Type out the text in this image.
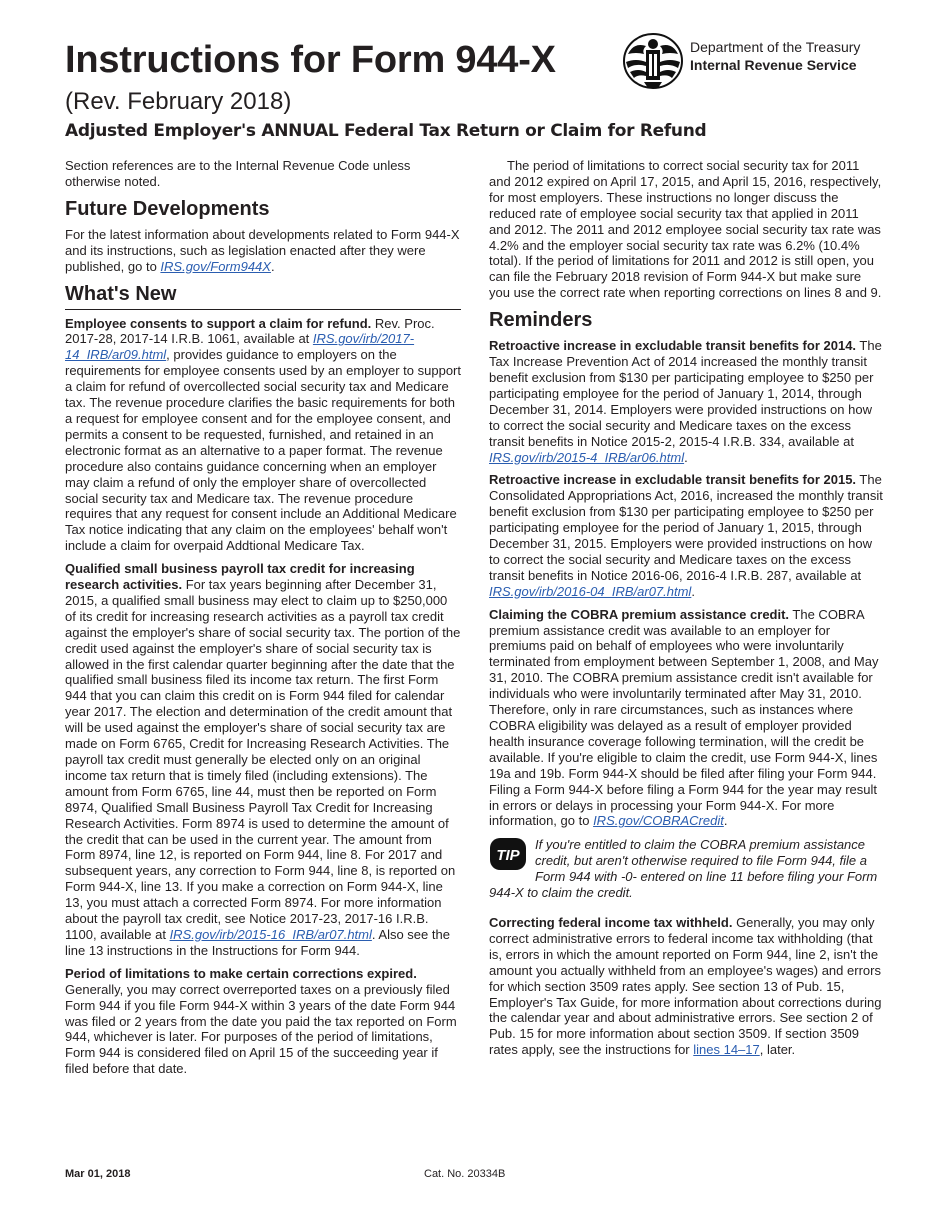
Instructions for Form 944-X
(Rev. February 2018)
Adjusted Employer's ANNUAL Federal Tax Return or Claim for Refund
Department of the Treasury
Internal Revenue Service

Section references are to the Internal Revenue Code unless otherwise noted.

Future Developments

For the latest information about developments related to Form 944-X and its instructions, such as legislation enacted after they were published, go to IRS.gov/Form944X.

What's New

Employee consents to support a claim for refund. Rev. Proc. 2017-28, 2017-14 I.R.B. 1061, available at IRS.gov/irb/2017-14_IRB/ar09.html, provides guidance to employers on the requirements for employee consents used by an employer to support a claim for refund of overcollected social security tax and Medicare tax. The revenue procedure clarifies the basic requirements for both a request for employee consent and for the employee consent, and permits a consent to be requested, furnished, and retained in an electronic format as an alternative to a paper format. The revenue procedure also contains guidance concerning when an employer may claim a refund of only the employer share of overcollected social security tax and Medicare tax. The revenue procedure requires that any request for consent include an Additional Medicare Tax notice indicating that any claim on the employees' behalf won't include a claim for overpaid Addtional Medicare Tax.

Qualified small business payroll tax credit for increasing research activities. For tax years beginning after December 31, 2015, a qualified small business may elect to claim up to $250,000 of its credit for increasing research activities as a payroll tax credit against the employer's share of social security tax. The portion of the credit used against the employer's share of social security tax is allowed in the first calendar quarter beginning after the date that the qualified small business filed its income tax return. The first Form 944 that you can claim this credit on is Form 944 filed for calendar year 2017. The election and determination of the credit amount that will be used against the employer's share of social security tax are made on Form 6765, Credit for Increasing Research Activities. The payroll tax credit must generally be elected only on an original income tax return that is timely filed (including extensions). The amount from Form 6765, line 44, must then be reported on Form 8974, Qualified Small Business Payroll Tax Credit for Increasing Research Activities. Form 8974 is used to determine the amount of the credit that can be used in the current year. The amount from Form 8974, line 12, is reported on Form 944, line 8. For 2017 and subsequent years, any correction to Form 944, line 8, is reported on Form 944-X, line 13. If you make a correction on Form 944-X, line 13, you must attach a corrected Form 8974. For more information about the payroll tax credit, see Notice 2017-23, 2017-16 I.R.B. 1100, available at IRS.gov/irb/2015-16_IRB/ar07.html. Also see the line 13 instructions in the Instructions for Form 944.

Period of limitations to make certain corrections expired. Generally, you may correct overreported taxes on a previously filed Form 944 if you file Form 944-X within 3 years of the date Form 944 was filed or 2 years from the date you paid the tax reported on Form 944, whichever is later. For purposes of the period of limitations, Form 944 is considered filed on April 15 of the succeeding year if filed before that date.

The period of limitations to correct social security tax for 2011 and 2012 expired on April 17, 2015, and April 15, 2016, respectively, for most employers. These instructions no longer discuss the reduced rate of employee social security tax that applied in 2011 and 2012. The 2011 and 2012 employee social security tax rate was 4.2% and the employer social security tax rate was 6.2% (10.4% total). If the period of limitations for 2011 and 2012 is still open, you can file the February 2018 revision of Form 944-X but make sure you use the correct rate when reporting corrections on lines 8 and 9.

Reminders

Retroactive increase in excludable transit benefits for 2014. The Tax Increase Prevention Act of 2014 increased the monthly transit benefit exclusion from $130 per participating employee to $250 per participating employee for the period of January 1, 2014, through December 31, 2014. Employers were provided instructions on how to correct the social security and Medicare taxes on the excess transit benefits in Notice 2015-2, 2015-4 I.R.B. 334, available at IRS.gov/irb/2015-4_IRB/ar06.html.

Retroactive increase in excludable transit benefits for 2015. The Consolidated Appropriations Act, 2016, increased the monthly transit benefit exclusion from $130 per participating employee to $250 per participating employee for the period of January 1, 2015, through December 31, 2015. Employers were provided instructions on how to correct the social security and Medicare taxes on the excess transit benefits in Notice 2016-06, 2016-4 I.R.B. 287, available at IRS.gov/irb/2016-04_IRB/ar07.html.

Claiming the COBRA premium assistance credit. The COBRA premium assistance credit was available to an employer for premiums paid on behalf of employees who were involuntarily terminated from employment between September 1, 2008, and May 31, 2010. The COBRA premium assistance credit isn't available for individuals who were involuntarily terminated after May 31, 2010. Therefore, only in rare circumstances, such as instances where COBRA eligibility was delayed as a result of employer provided health insurance coverage following termination, will the credit be available. If you're eligible to claim the credit, use Form 944-X, lines 19a and 19b. Form 944-X should be filed after filing your Form 944. Filing a Form 944-X before filing a Form 944 for the year may result in errors or delays in processing your Form 944-X. For more information, go to IRS.gov/COBRACredit.

TIP
If you're entitled to claim the COBRA premium assistance credit, but aren't otherwise required to file Form 944, file a Form 944 with -0- entered on line 11 before filing your Form 944-X to claim the credit.

Correcting federal income tax withheld. Generally, you may only correct administrative errors to federal income tax withholding (that is, errors in which the amount reported on Form 944, line 2, isn't the amount you actually withheld from an employee's wages) and errors for which section 3509 rates apply. See section 13 of Pub. 15, Employer's Tax Guide, for more information about corrections during the calendar year and about administrative errors. See section 2 of Pub. 15 for more information about section 3509. If section 3509 rates apply, see the instructions for lines 14–17, later.

Mar 01, 2018	Cat. No. 20334B
